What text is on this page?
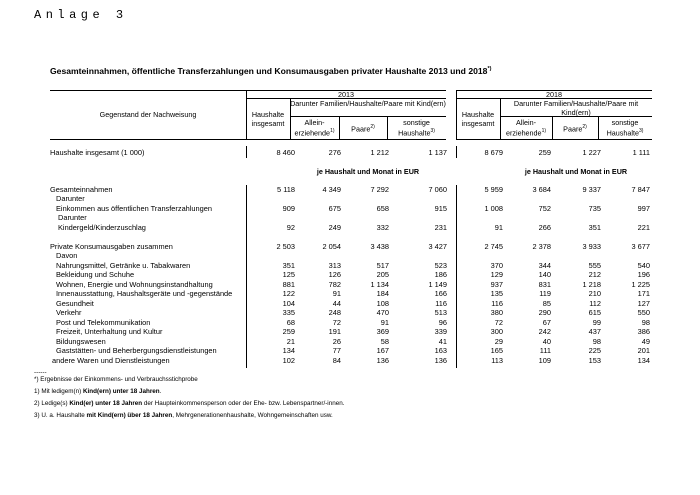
Anlage 3
Gesamteinnahmen, öffentliche Transferzahlungen und Konsumausgaben privater Haushalte 2013 und 2018*)
Gegenstand der Nachweisung
2013	2018
Haushalte
insgesamt
Darunter Familien/Haushalte/Paare mit Kind(ern)
Allein-
erziehende$^{1)}$	Paare$^{2)}$	sonstige
Haushalte$^{3)}$
Haushalte
insgesamt
Darunter Familien/Haushalte/Paare mit Kind(ern)
Allein-
erziehende$^{1)}$	Paare$^{2)}$	sonstige
Haushalte$^{3)}$
je Haushalt und Monat in EUR	je Haushalt und Monat in EUR
Haushalte insgesamt (1 000)	8 460	276	1 212	1 137	8 679	259	1 227	1 111
Gesamteinnahmen	5 118	4 349	7 292	7 060	5 959	3 684	9 337	7 847
Darunter
Einkommen aus öffentlichen Transferzahlungen	909	675	658	915	1 008	752	735	997
Darunter
Kindergeld/Kinderzuschlag	92	249	332	231	91	266	351	221
Private Konsumausgaben zusammen	2 503	2 054	3 438	3 427	2 745	2 378	3 933	3 677
Davon
Nahrungsmittel, Getränke u. Tabakwaren	351	313	517	523	370	344	555	540
Bekleidung und Schuhe	125	126	205	186	129	140	212	196
Wohnen, Energie und Wohnungsinstandhaltung	881	782	1 134	1 149	937	831	1 218	1 225
Innenausstattung, Haushaltsgeräte und -gegenstände	122	91	184	166	135	119	210	171
Gesundheit	104	44	108	116	116	85	112	127
Verkehr	335	248	470	513	380	290	615	550
Post und Telekommunikation	68	72	91	96	72	67	99	98
Freizeit, Unterhaltung und Kultur	259	191	369	339	300	242	437	386
Bildungswesen	21	26	58	41	29	40	98	49
Gaststätten- und Beherbergungsdienstleistungen	134	77	167	163	165	111	225	201
andere Waren und Dienstleistungen	102	84	136	136	113	109	153	134
------
*) Ergebnisse der Einkommens- und Verbrauchsstichprobe
1) Mit ledigem(n) Kind(ern) unter 18 Jahren.
2) Ledige(s) Kind(er) unter 18 Jahren der Haupteinkommensperson oder der Ehe- bzw. Lebenspartner/-innen.
3) U. a. Haushalte mit Kind(ern) über 18 Jahren, Mehrgenerationenhaushalte, Wohngemeinschaften usw.
